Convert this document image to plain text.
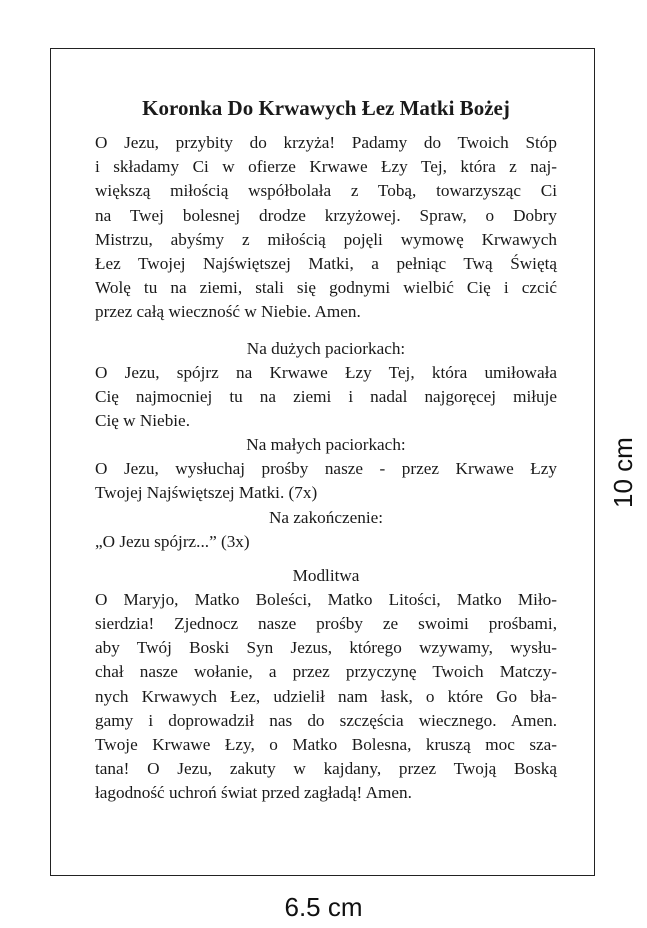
Koronka Do Krwawych Łez Matki Bożej
O Jezu, przybity do krzyża! Padamy do Twoich Stóp
i składamy Ci w ofierze Krwawe Łzy Tej, która z naj-
większą miłością współbolała z Tobą, towarzysząc Ci
na Twej bolesnej drodze krzyżowej. Spraw, o Dobry
Mistrzu, abyśmy z miłością pojęli wymowę Krwawych
Łez Twojej Najświętszej Matki, a pełniąc Twą Świętą
Wolę tu na ziemi, stali się godnymi wielbić Cię i czcić
przez całą wieczność w Niebie. Amen.
Na dużych paciorkach:
O Jezu, spójrz na Krwawe Łzy Tej, która umiłowała
Cię najmocniej tu na ziemi i nadal najgoręcej miłuje
Cię w Niebie.
Na małych paciorkach:
O Jezu, wysłuchaj prośby nasze - przez Krwawe Łzy
Twojej Najświętszej Matki. (7x)
Na zakończenie:
„O Jezu spójrz...” (3x)
Modlitwa
O Maryjo, Matko Boleści, Matko Litości, Matko Miło-
sierdzia! Zjednocz nasze prośby ze swoimi prośbami,
aby Twój Boski Syn Jezus, którego wzywamy, wysłu-
chał nasze wołanie, a przez przyczynę Twoich Matczy-
nych Krwawych Łez, udzielił nam łask, o które Go bła-
gamy i doprowadził nas do szczęścia wiecznego. Amen.
Twoje Krwawe Łzy, o Matko Bolesna, kruszą moc sza-
tana! O Jezu, zakuty w kajdany, przez Twoją Boską
łagodność uchroń świat przed zagładą! Amen.
10 cm
6.5 cm
